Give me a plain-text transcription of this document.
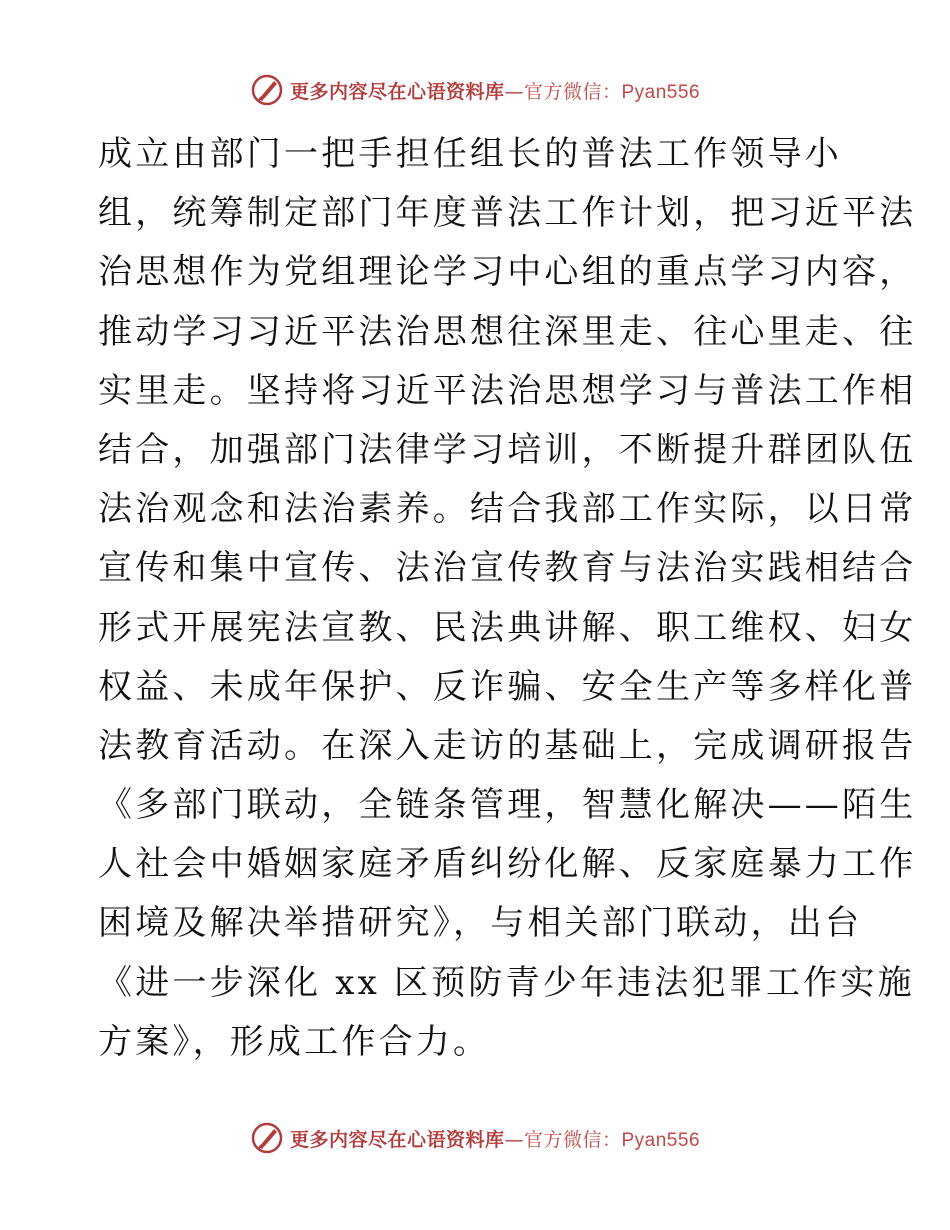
更多内容尽在心语资料库—官方微信：Pyan556
成立由部门一把手担任组长的普法工作领导小
组，统筹制定部门年度普法工作计划，把习近平法
治思想作为党组理论学习中心组的重点学习内容，
推动学习习近平法治思想往深里走、往心里走、往
实里走。坚持将习近平法治思想学习与普法工作相
结合，加强部门法律学习培训，不断提升群团队伍
法治观念和法治素养。结合我部工作实际，以日常
宣传和集中宣传、法治宣传教育与法治实践相结合
形式开展宪法宣教、民法典讲解、职工维权、妇女
权益、未成年保护、反诈骗、安全生产等多样化普
法教育活动。在深入走访的基础上，完成调研报告
《多部门联动，全链条管理，智慧化解决——陌生
人社会中婚姻家庭矛盾纠纷化解、反家庭暴力工作
困境及解决举措研究》，与相关部门联动，出台
《进一步深化 xx 区预防青少年违法犯罪工作实施
方案》，形成工作合力。
更多内容尽在心语资料库—官方微信：Pyan556
